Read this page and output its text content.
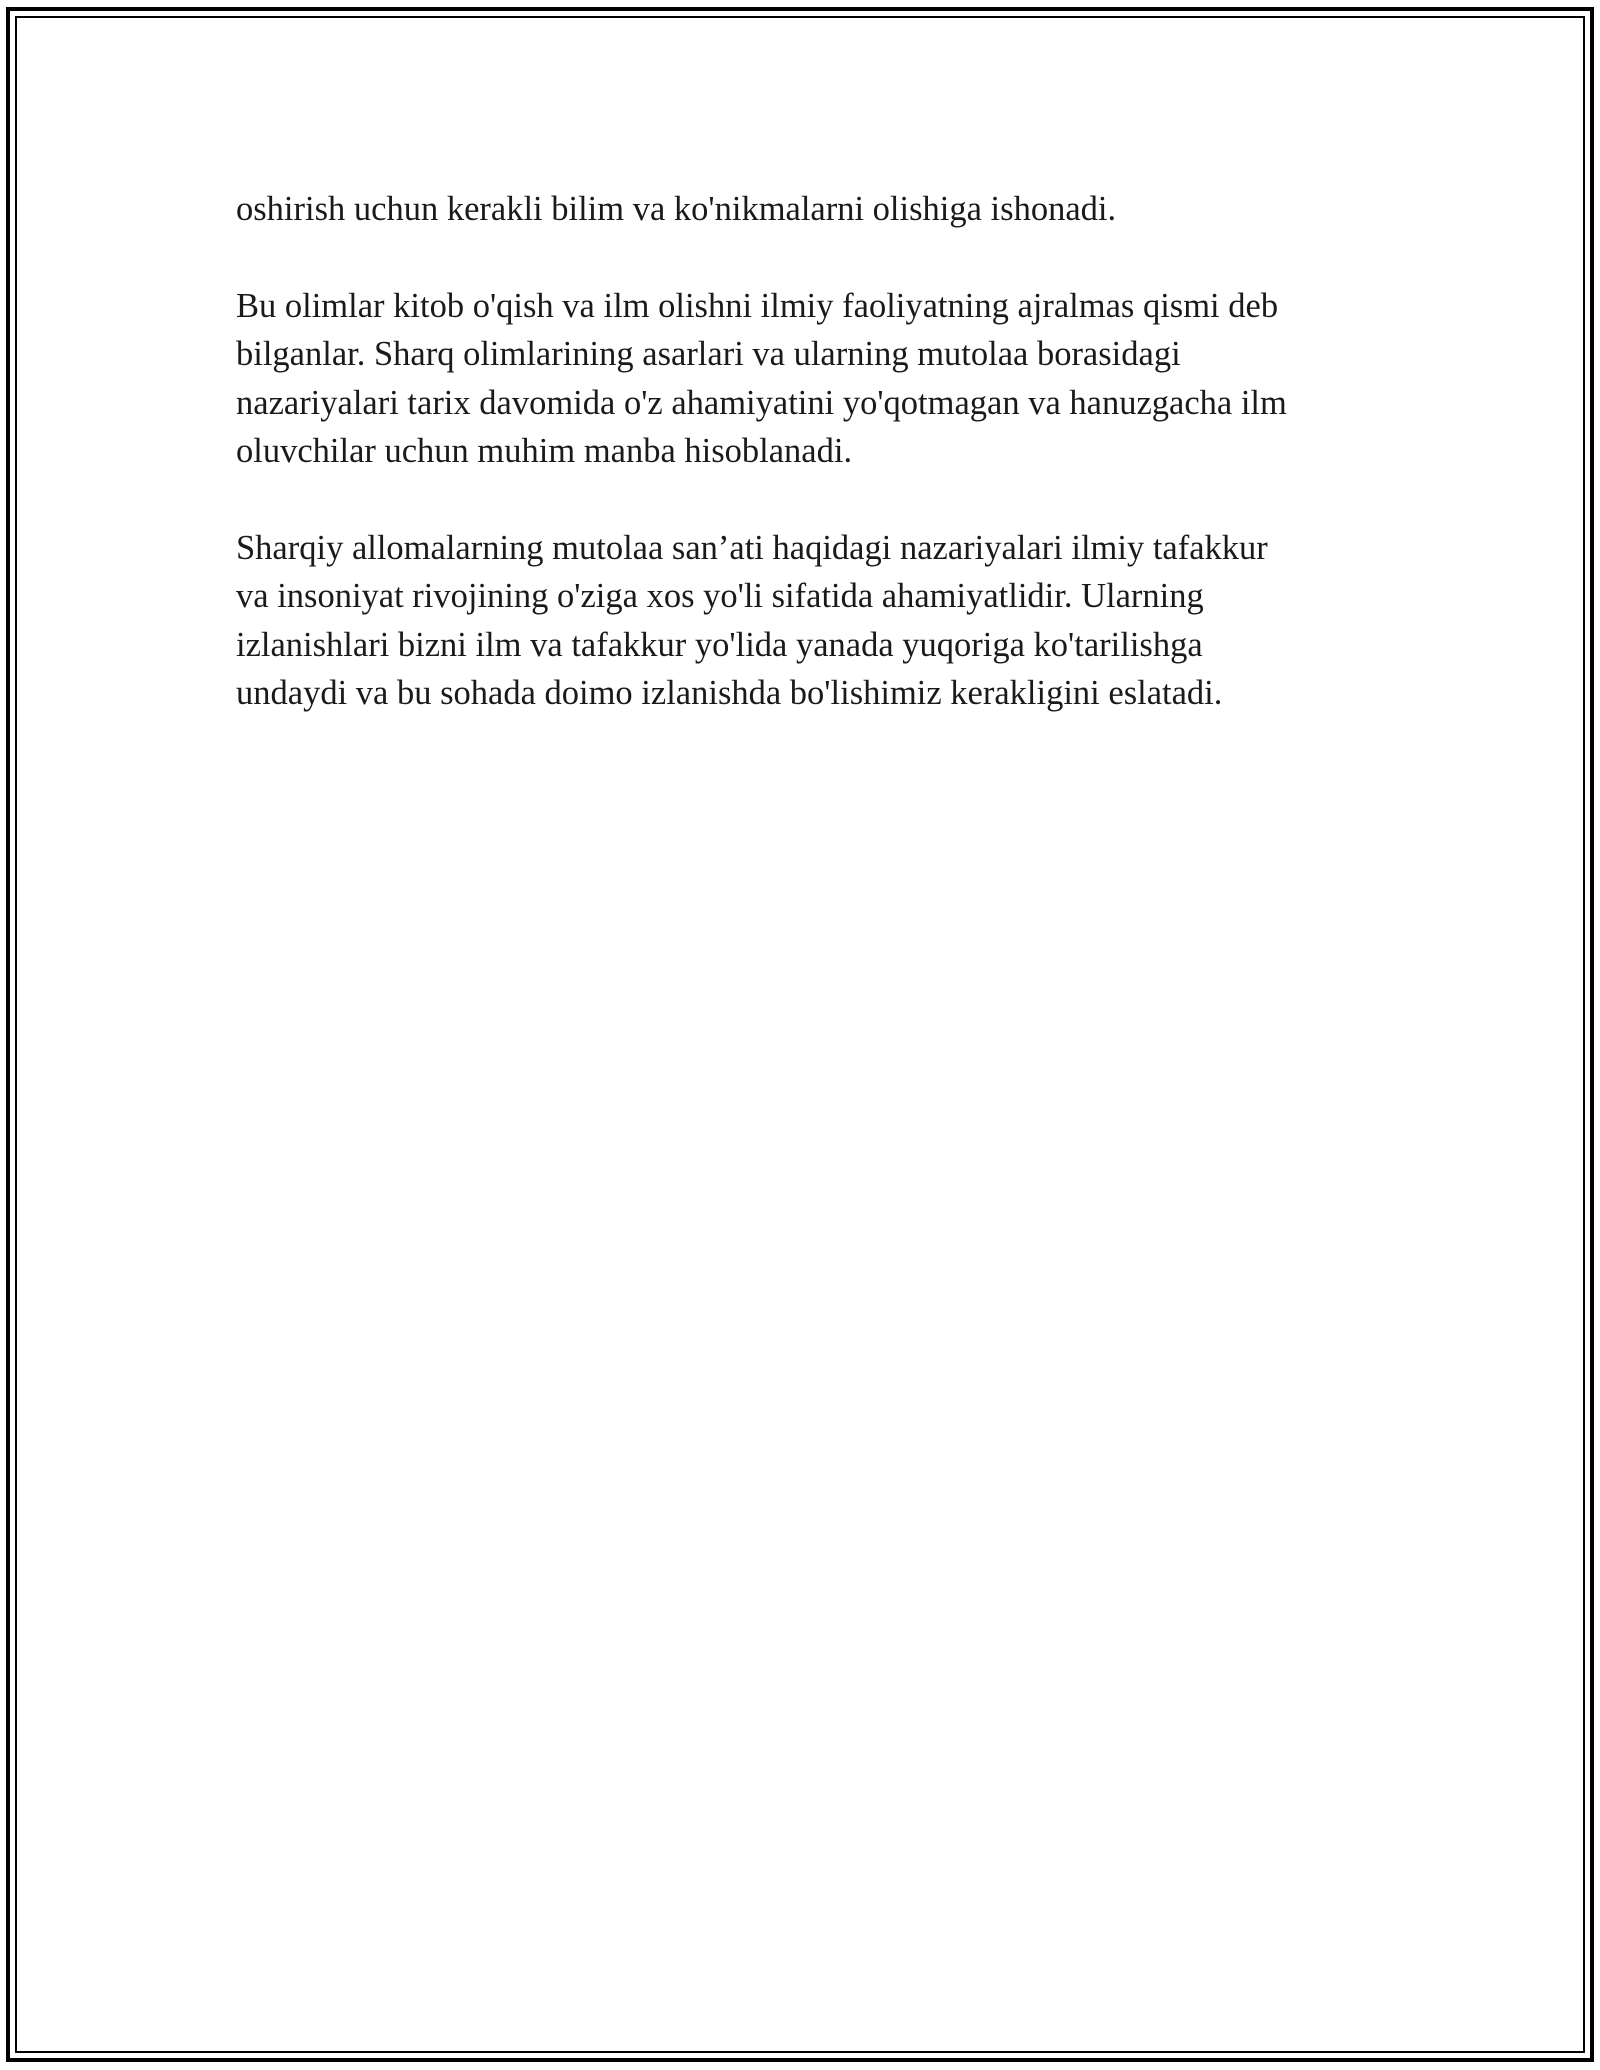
oshirish uchun kerakli bilim va ko'nikmalarni olishiga ishonadi.

Bu olimlar kitob o'qish va ilm olishni ilmiy faoliyatning ajralmas qismi deb
bilganlar. Sharq olimlarining asarlari va ularning mutolaa borasidagi
nazariyalari tarix davomida o'z ahamiyatini yo'qotmagan va hanuzgacha ilm
oluvchilar uchun muhim manba hisoblanadi.

Sharqiy allomalarning mutolaa san’ati haqidagi nazariyalari ilmiy tafakkur
va insoniyat rivojining o'ziga xos yo'li sifatida ahamiyatlidir. Ularning
izlanishlari bizni ilm va tafakkur yo'lida yanada yuqoriga ko'tarilishga
undaydi va bu sohada doimo izlanishda bo'lishimiz kerakligini eslatadi.
